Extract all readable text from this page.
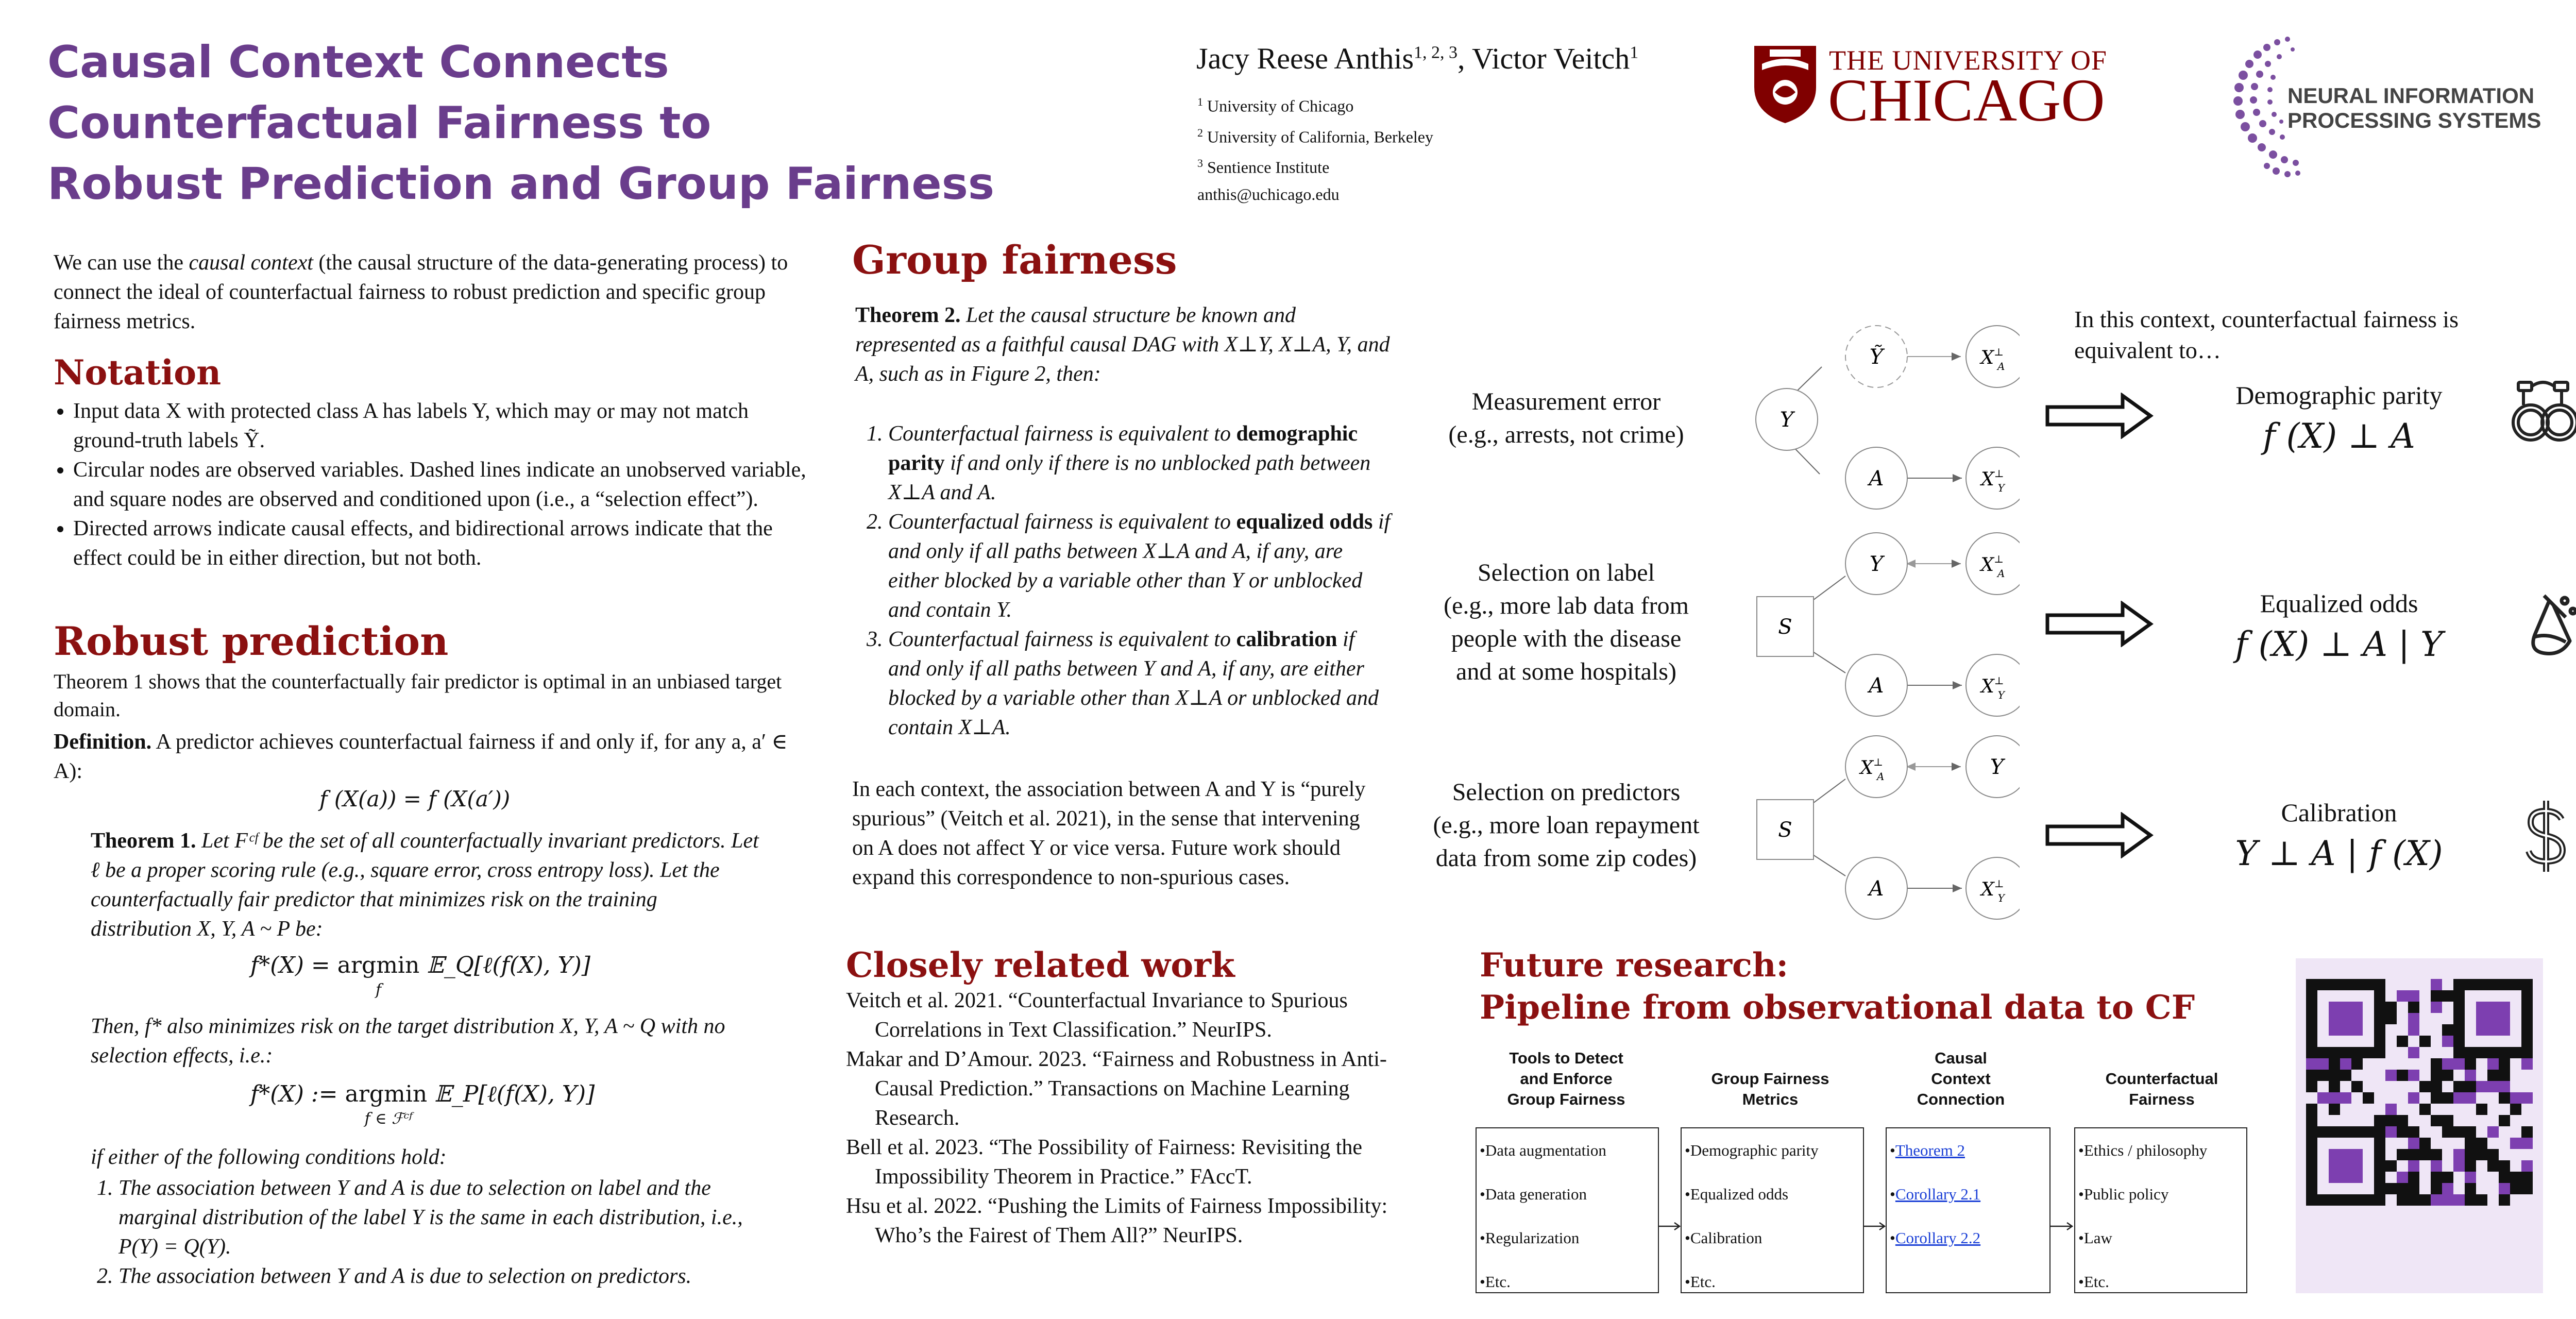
Causal Context Connects
Counterfactual Fairness to
Robust Prediction and Group Fairness
Jacy Reese Anthis$^{1, 2, 3}$, Victor Veitch$^1$
$^1$ University of Chicago
$^2$ University of California, Berkeley
$^3$ Sentience Institute
anthis@uchicago.edu
THE UNIVERSITY OF
CHICAGO	NEURAL INFORMATION
PROCESSING SYSTEMS
We can use the causal context (the causal structure of the data-generating process) to connect the ideal of counterfactual fairness to robust prediction and specific group fairness metrics.
Notation
• Input data X with protected class A has labels Y, which may or may not match ground-truth labels Ỹ.
• Circular nodes are observed variables. Dashed lines indicate an unobserved variable, and square nodes are observed and conditioned upon (i.e., a “selection effect”).
• Directed arrows indicate causal effects, and bidirectional arrows indicate that the effect could be in either direction, but not both.
Robust prediction
Theorem 1 shows that the counterfactually fair predictor is optimal in an unbiased target domain.
Definition. A predictor achieves counterfactual fairness if and only if, for any a, a′ ∈ A):
f (X(a)) = f (X(a′))
Theorem 1. Let Fᶜᶠ be the set of all counterfactually invariant predictors. Let ℓ be a proper scoring rule (e.g., square error, cross entropy loss). Let the counterfactually fair predictor that minimizes risk on the training distribution X, Y, A ~ P be:
f*(X) = argmin
f
𝔼_Q[ℓ(f(X), Y)]
Then, f* also minimizes risk on the target distribution X, Y, A ~ Q with no selection effects, i.e.:
f*(X) := argmin
f ∈ ℱᶜᶠ
𝔼_P[ℓ(f(X), Y)]
if either of the following conditions hold:
1. The association between Y and A is due to selection on label and the marginal distribution of the label Y is the same in each distribution, i.e., P(Y) = Q(Y).
2. The association between Y and A is due to selection on predictors.
Group fairness
Theorem 2. Let the causal structure be known and represented as a faithful causal DAG with X⊥Y, X⊥A, Y, and A, such as in Figure 2, then:
1. Counterfactual fairness is equivalent to demographic parity if and only if there is no unblocked path between X⊥A and A.
2. Counterfactual fairness is equivalent to equalized odds if and only if all paths between X⊥A and A, if any, are either blocked by a variable other than Y or unblocked and contain Y.
3. Counterfactual fairness is equivalent to calibration if and only if all paths between Y and A, if any, are either blocked by a variable other than X⊥A or unblocked and contain X⊥A.
In each context, the association between A and Y is “purely spurious” (Veitch et al. 2021), in the sense that intervening on A does not affect Y or vice versa. Future work should expand this correspondence to non-spurious cases.
Closely related work
Veitch et al. 2021. “Counterfactual Invariance to Spurious Correlations in Text Classification.” NeurIPS.
Makar and D’Amour. 2023. “Fairness and Robustness in Anti-Causal Prediction.” Transactions on Machine Learning Research.
Bell et al. 2023. “The Possibility of Fairness: Revisiting the Impossibility Theorem in Practice.” FAccT.
Hsu et al. 2022. “Pushing the Limits of Fairness Impossibility: Who’s the Fairest of Them All?” NeurIPS.
In this context, counterfactual fairness is equivalent to…
Measurement error
(e.g., arrests, not crime)
Selection on label
(e.g., more lab data from
people with the disease
and at some hospitals)
Selection on predictors
(e.g., more loan repayment
data from some zip codes)
Ỹ
Y
A
X⊥ A
X⊥ Y
S
Y
A
X⊥ A
X⊥ Y
S
Y
A
X⊥ A
X⊥ Y
Demographic parity
f (X) ⊥ A
Equalized odds
f (X) ⊥ A | Y
Calibration
Y ⊥ A | f (X)
Future research:
Pipeline from observational data to CF
Tools to Detect
and Enforce
Group Fairness
Group Fairness
Metrics
Causal
Context
Connection
Counterfactual
Fairness
•Data augmentation
•Data generation
•Regularization
•Etc.
•Demographic parity
•Equalized odds
•Calibration
•Etc.
•Theorem 2
•Corollary 2.1
•Corollary 2.2
•Ethics / philosophy
•Public policy
•Law
•Etc.
